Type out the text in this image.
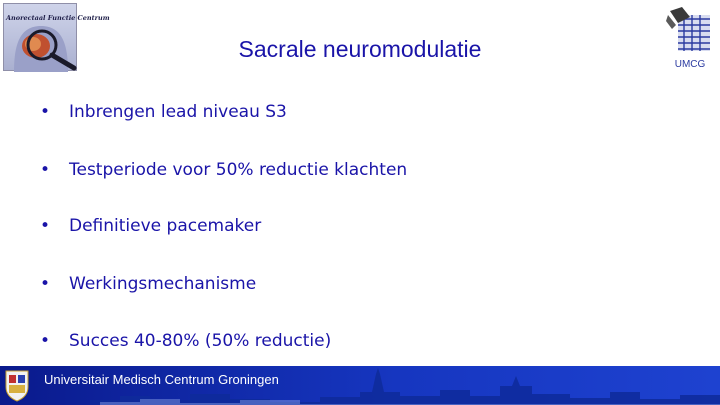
Anorectaal Functie Centrum
Sacrale neuromodulatie
UMCG
• Inbrengen lead niveau S3
• Testperiode voor 50% reductie klachten
• Definitieve pacemaker
• Werkingsmechanisme
• Succes 40-80% (50% reductie)
Universitair Medisch Centrum Groningen
